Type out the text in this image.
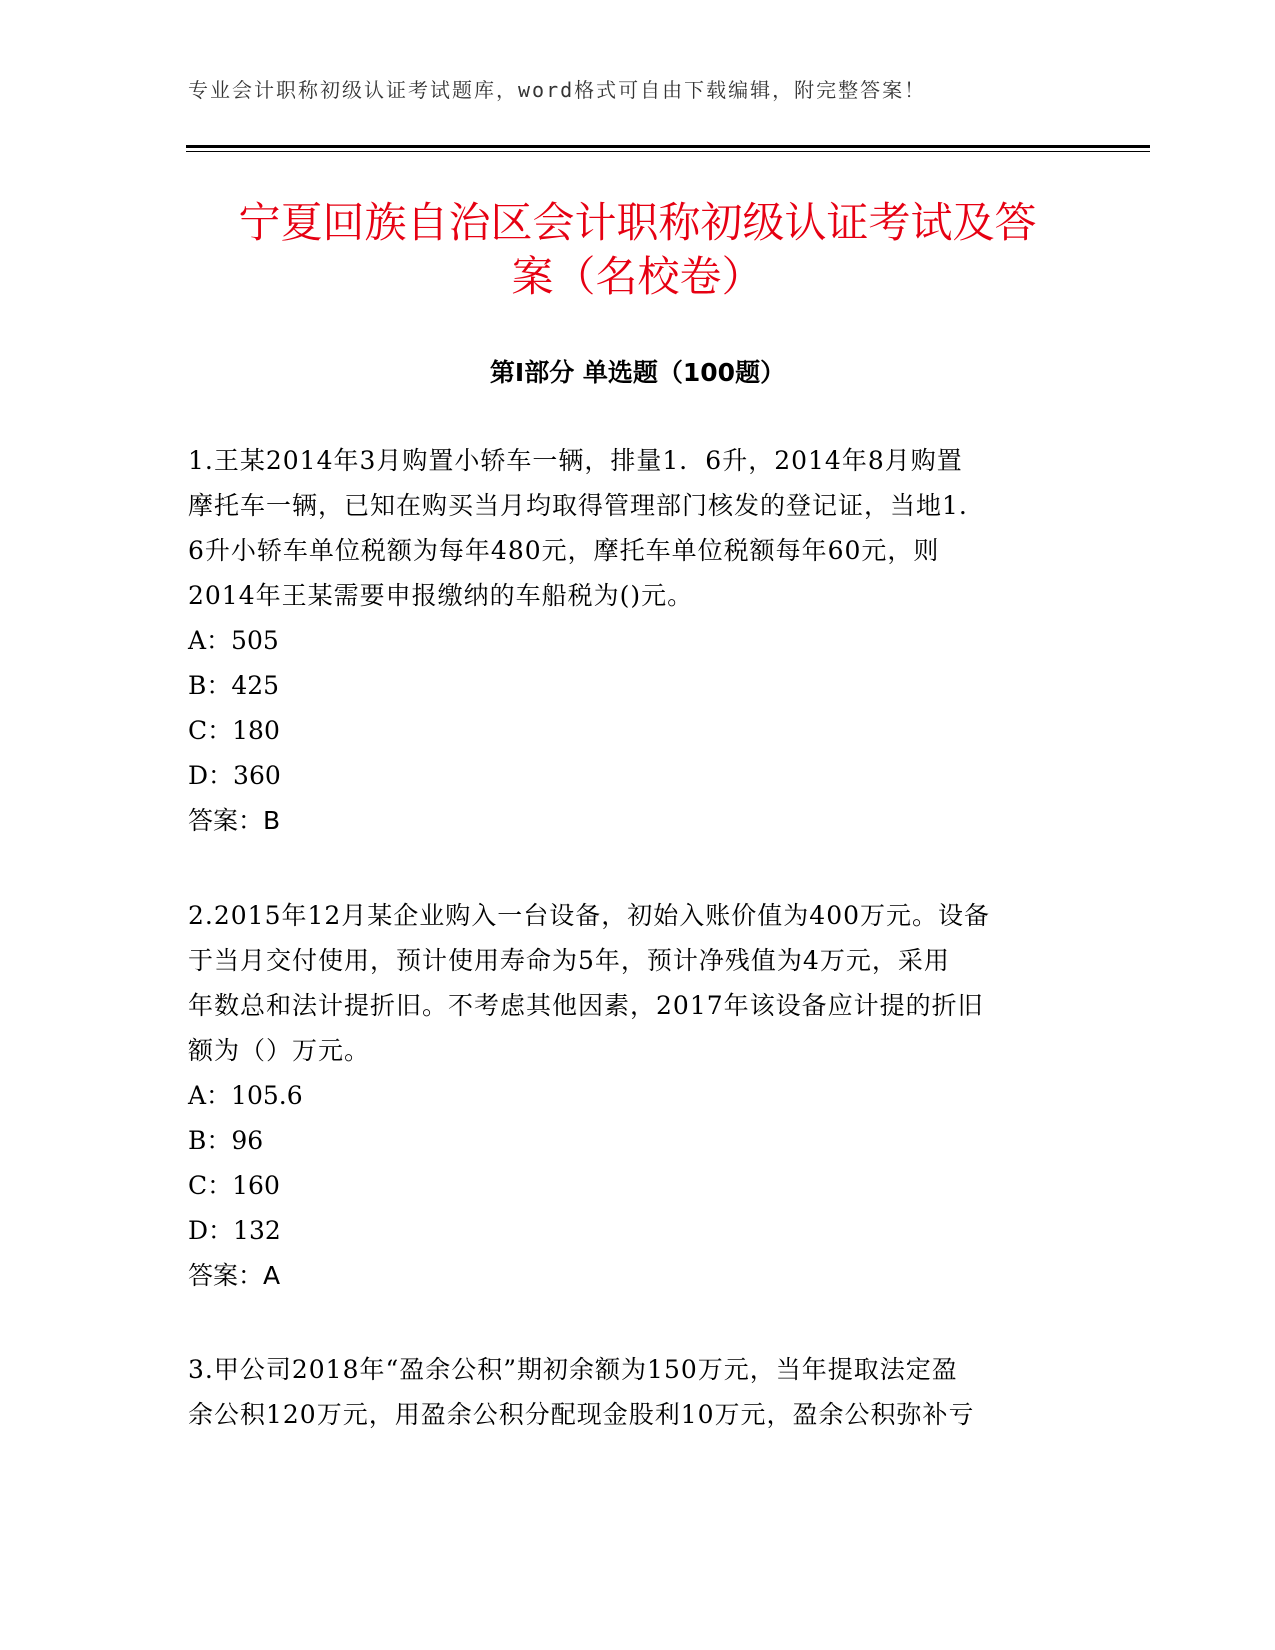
专业会计职称初级认证考试题库，word格式可自由下载编辑，附完整答案！
宁夏回族自治区会计职称初级认证考试及答
案（名校卷）
第Ⅰ部分 单选题（100题）
1.王某2014年3月购置小轿车一辆，排量1．6升，2014年8月购置
摩托车一辆，已知在购买当月均取得管理部门核发的登记证，当地1.
6升小轿车单位税额为每年480元，摩托车单位税额每年60元，则
2014年王某需要申报缴纳的车船税为()元。
A：505
B：425
C：180
D：360
答案：B
2.2015年12月某企业购入一台设备，初始入账价值为400万元。设备
于当月交付使用，预计使用寿命为5年，预计净残值为4万元，采用
年数总和法计提折旧。不考虑其他因素，2017年该设备应计提的折旧
额为（）万元。
A：105.6
B：96
C：160
D：132
答案：A
3.甲公司2018年“盈余公积”期初余额为150万元，当年提取法定盈
余公积120万元，用盈余公积分配现金股利10万元，盈余公积弥补亏
